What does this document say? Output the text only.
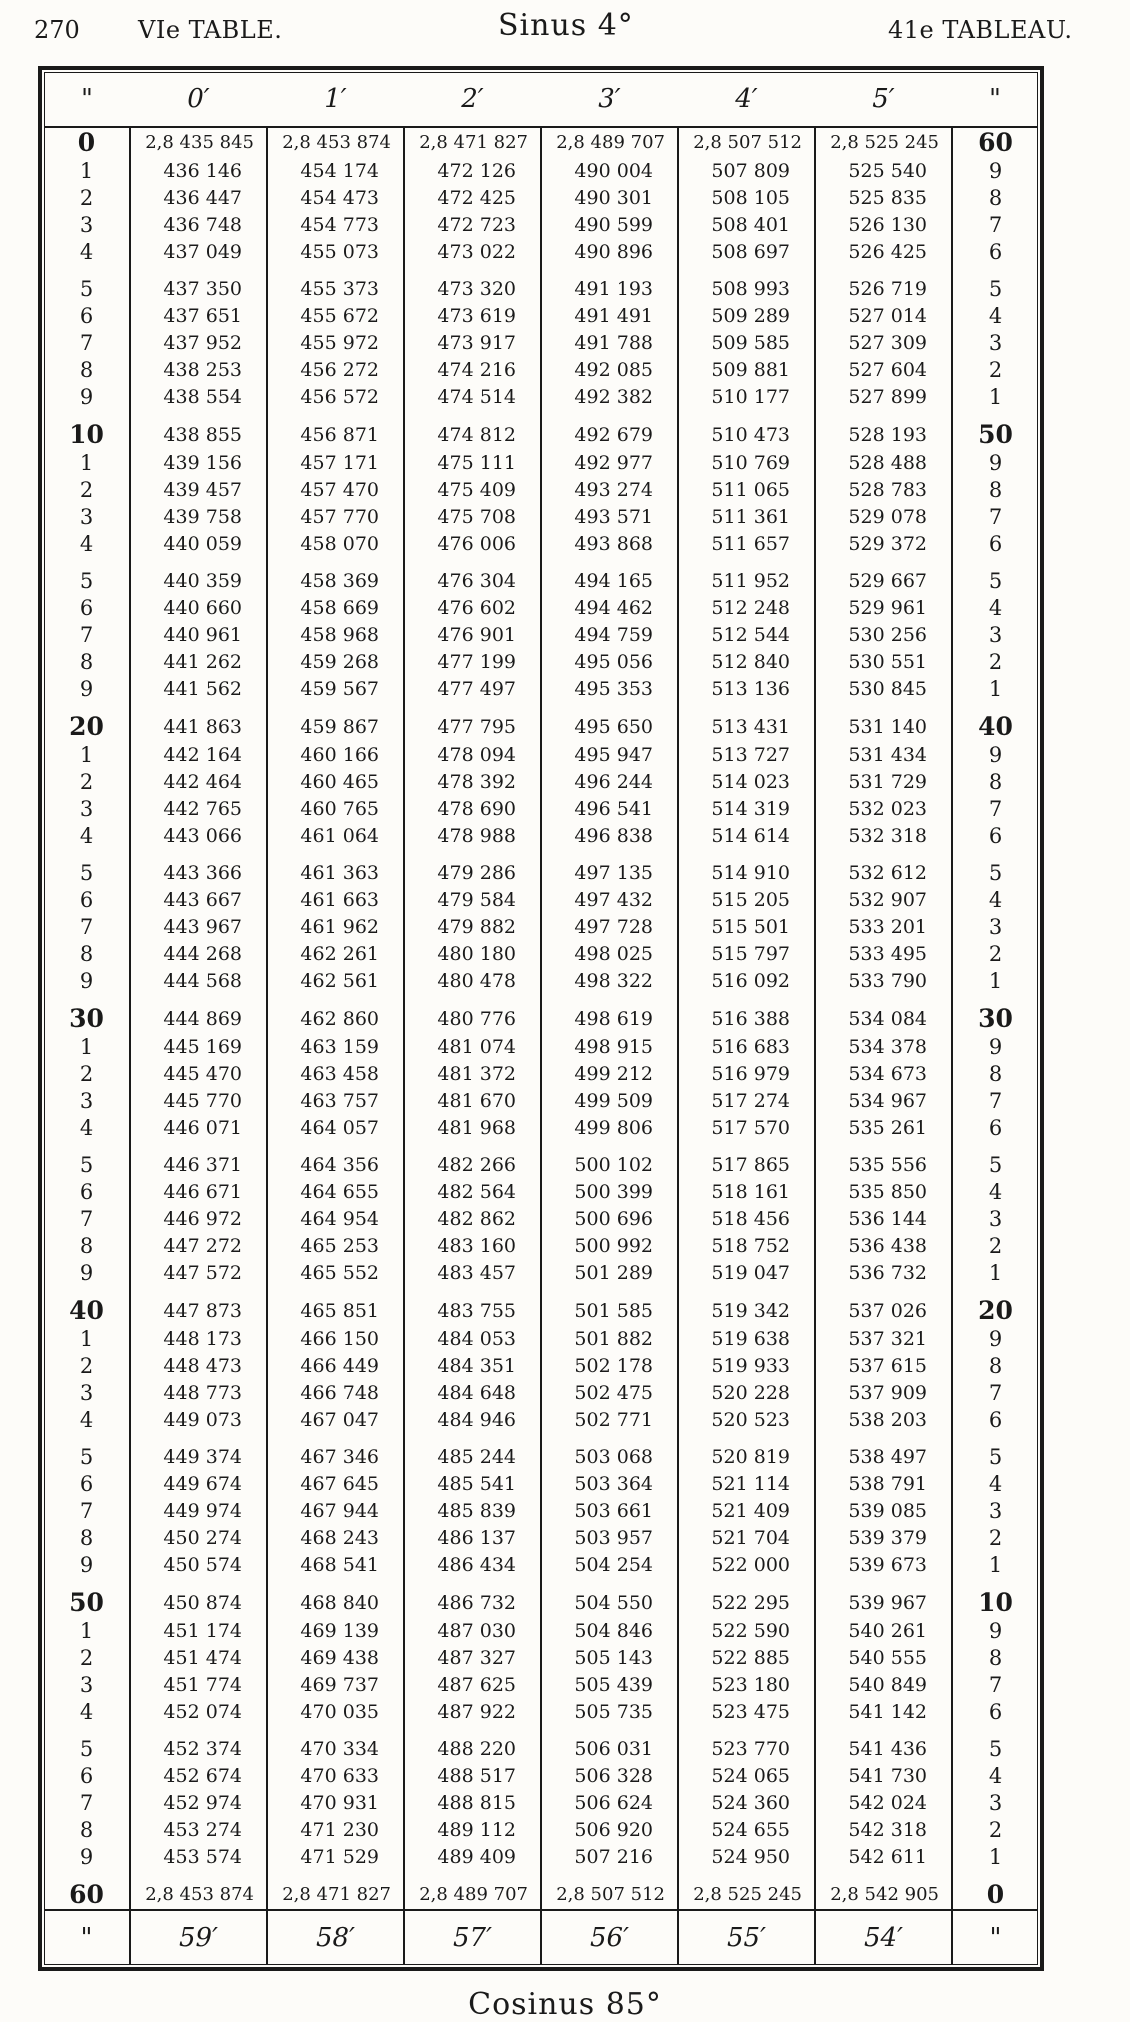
270 VIe TABLE.	Sinus 4°	41e TABLEAU.
"	0′	1′	2′	3′	4′	5′	"
0	2,8 435 845	2,8 453 874	2,8 471 827	2,8 489 707	2,8 507 512	2,8 525 245	60
1	436 146	454 174	472 126	490 004	507 809	525 540	9
2	436 447	454 473	472 425	490 301	508 105	525 835	8
3	436 748	454 773	472 723	490 599	508 401	526 130	7
4	437 049	455 073	473 022	490 896	508 697	526 425	6

5	437 350	455 373	473 320	491 193	508 993	526 719	5
6	437 651	455 672	473 619	491 491	509 289	527 014	4
7	437 952	455 972	473 917	491 788	509 585	527 309	3
8	438 253	456 272	474 216	492 085	509 881	527 604	2
9	438 554	456 572	474 514	492 382	510 177	527 899	1

10	438 855	456 871	474 812	492 679	510 473	528 193	50
1	439 156	457 171	475 111	492 977	510 769	528 488	9
2	439 457	457 470	475 409	493 274	511 065	528 783	8
3	439 758	457 770	475 708	493 571	511 361	529 078	7
4	440 059	458 070	476 006	493 868	511 657	529 372	6

5	440 359	458 369	476 304	494 165	511 952	529 667	5
6	440 660	458 669	476 602	494 462	512 248	529 961	4
7	440 961	458 968	476 901	494 759	512 544	530 256	3
8	441 262	459 268	477 199	495 056	512 840	530 551	2
9	441 562	459 567	477 497	495 353	513 136	530 845	1

20	441 863	459 867	477 795	495 650	513 431	531 140	40
1	442 164	460 166	478 094	495 947	513 727	531 434	9
2	442 464	460 465	478 392	496 244	514 023	531 729	8
3	442 765	460 765	478 690	496 541	514 319	532 023	7
4	443 066	461 064	478 988	496 838	514 614	532 318	6

5	443 366	461 363	479 286	497 135	514 910	532 612	5
6	443 667	461 663	479 584	497 432	515 205	532 907	4
7	443 967	461 962	479 882	497 728	515 501	533 201	3
8	444 268	462 261	480 180	498 025	515 797	533 495	2
9	444 568	462 561	480 478	498 322	516 092	533 790	1

30	444 869	462 860	480 776	498 619	516 388	534 084	30
1	445 169	463 159	481 074	498 915	516 683	534 378	9
2	445 470	463 458	481 372	499 212	516 979	534 673	8
3	445 770	463 757	481 670	499 509	517 274	534 967	7
4	446 071	464 057	481 968	499 806	517 570	535 261	6

5	446 371	464 356	482 266	500 102	517 865	535 556	5
6	446 671	464 655	482 564	500 399	518 161	535 850	4
7	446 972	464 954	482 862	500 696	518 456	536 144	3
8	447 272	465 253	483 160	500 992	518 752	536 438	2
9	447 572	465 552	483 457	501 289	519 047	536 732	1

40	447 873	465 851	483 755	501 585	519 342	537 026	20
1	448 173	466 150	484 053	501 882	519 638	537 321	9
2	448 473	466 449	484 351	502 178	519 933	537 615	8
3	448 773	466 748	484 648	502 475	520 228	537 909	7
4	449 073	467 047	484 946	502 771	520 523	538 203	6

5	449 374	467 346	485 244	503 068	520 819	538 497	5
6	449 674	467 645	485 541	503 364	521 114	538 791	4
7	449 974	467 944	485 839	503 661	521 409	539 085	3
8	450 274	468 243	486 137	503 957	521 704	539 379	2
9	450 574	468 541	486 434	504 254	522 000	539 673	1

50	450 874	468 840	486 732	504 550	522 295	539 967	10
1	451 174	469 139	487 030	504 846	522 590	540 261	9
2	451 474	469 438	487 327	505 143	522 885	540 555	8
3	451 774	469 737	487 625	505 439	523 180	540 849	7
4	452 074	470 035	487 922	505 735	523 475	541 142	6

5	452 374	470 334	488 220	506 031	523 770	541 436	5
6	452 674	470 633	488 517	506 328	524 065	541 730	4
7	452 974	470 931	488 815	506 624	524 360	542 024	3
8	453 274	471 230	489 112	506 920	524 655	542 318	2
9	453 574	471 529	489 409	507 216	524 950	542 611	1

60	2,8 453 874	2,8 471 827	2,8 489 707	2,8 507 512	2,8 525 245	2,8 542 905	0
"	59′	58′	57′	56′	55′	54′	"
Cosinus 85°
